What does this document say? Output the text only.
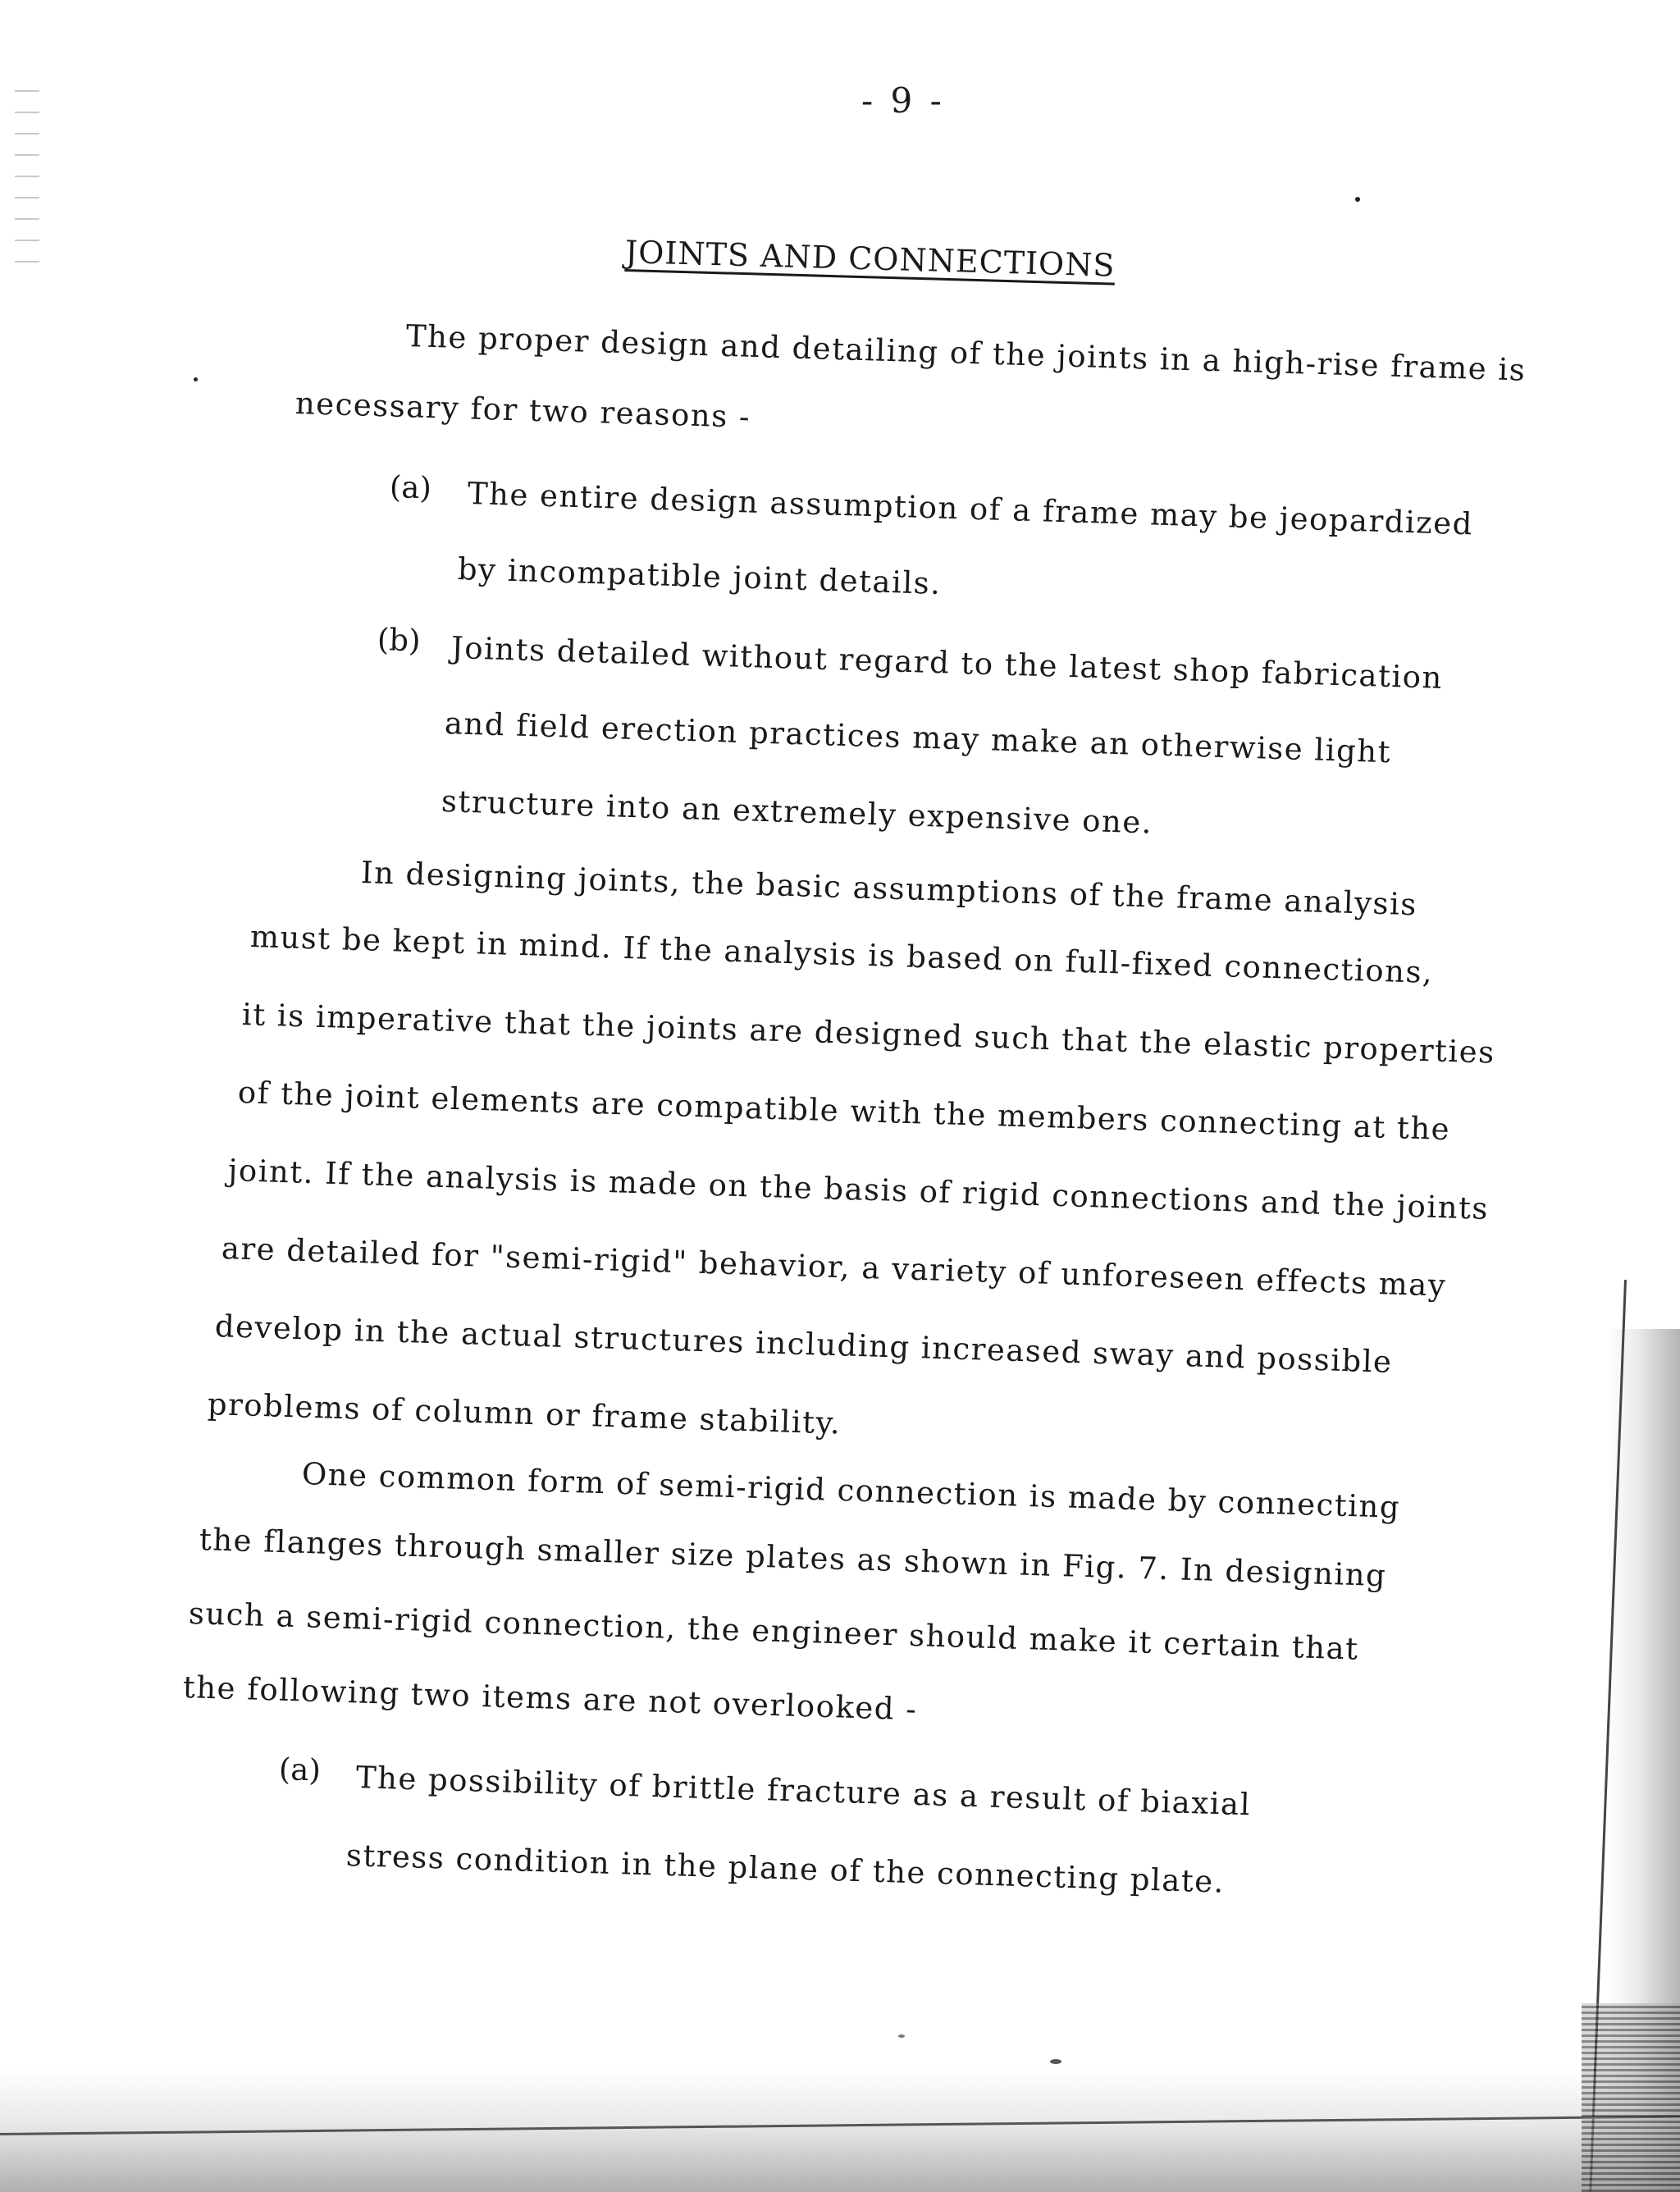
- 9 -
JOINTS AND CONNECTIONS
The proper design and detailing of the joints in a high-rise frame is
necessary for two reasons -
(a) The entire design assumption of a frame may be jeopardized
by incompatible joint details.
(b) Joints detailed without regard to the latest shop fabrication
and field erection practices may make an otherwise light
structure into an extremely expensive one.
In designing joints, the basic assumptions of the frame analysis
must be kept in mind. If the analysis is based on full-fixed connections,
it is imperative that the joints are designed such that the elastic properties
of the joint elements are compatible with the members connecting at the
joint. If the analysis is made on the basis of rigid connections and the joints
are detailed for "semi-rigid" behavior, a variety of unforeseen effects may
develop in the actual structures including increased sway and possible
problems of column or frame stability.
One common form of semi-rigid connection is made by connecting
the flanges through smaller size plates as shown in Fig. 7. In designing
such a semi-rigid connection, the engineer should make it certain that
the following two items are not overlooked -
(a) The possibility of brittle fracture as a result of biaxial
stress condition in the plane of the connecting plate.
